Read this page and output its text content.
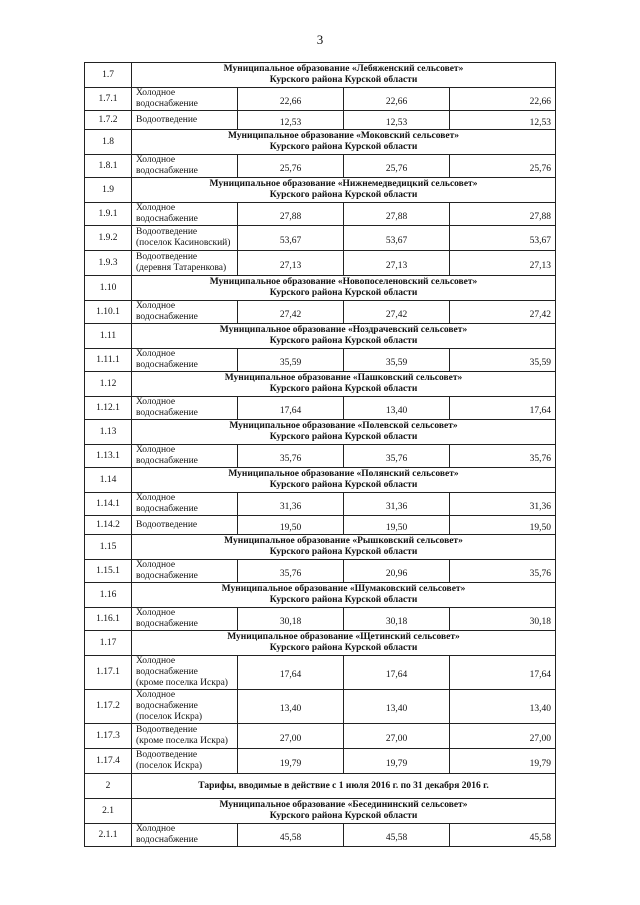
3
1.7	Муниципальное образование «Лебяженский сельсовет»
Курского района Курской области			

1.7.1	Холодное водоснабжение	22,66	22,66	22,66
1.7.2	Водоотведение	12,53	12,53	12,53
1.8	Муниципальное образование «Моковский сельсовет»
Курского района Курской области			

1.8.1	Холодное водоснабжение	25,76	25,76	25,76
1.9	Муниципальное образование «Нижнемедведицкий сельсовет»
Курского района Курской области			

1.9.1	Холодное водоснабжение	27,88	27,88	27,88
1.9.2	Водоотведение
(поселок Касиновский)	53,67	53,67	53,67
1.9.3	Водоотведение
(деревня Татаренкова)	27,13	27,13	27,13
1.10	Муниципальное образование «Новопоселеновский сельсовет»
Курского района Курской области			

1.10.1	Холодное водоснабжение	27,42	27,42	27,42
1.11	Муниципальное образование «Ноздрачевский сельсовет»
Курского района Курской области			

1.11.1	Холодное водоснабжение	35,59	35,59	35,59
1.12	Муниципальное образование «Пашковский сельсовет»
Курского района Курской области			

1.12.1	Холодное водоснабжение	17,64	13,40	17,64
1.13	Муниципальное образование «Полевской сельсовет»
Курского района Курской области			

1.13.1	Холодное водоснабжение	35,76	35,76	35,76
1.14	Муниципальное образование «Полянский сельсовет»
Курского района Курской области			

1.14.1	Холодное водоснабжение	31,36	31,36	31,36
1.14.2	Водоотведение	19,50	19,50	19,50
1.15	Муниципальное образование «Рышковский сельсовет»
Курского района Курской области			

1.15.1	Холодное водоснабжение	35,76	20,96	35,76
1.16	Муниципальное образование «Шумаковский сельсовет»
Курского района Курской области			

1.16.1	Холодное водоснабжение	30,18	30,18	30,18
1.17	Муниципальное образование «Щетинский сельсовет»
Курского района Курской области			

1.17.1	Холодное водоснабжение
(кроме поселка Искра)	17,64	17,64	17,64
1.17.2	Холодное водоснабжение
(поселок Искра)	13,40	13,40	13,40
1.17.3	Водоотведение
(кроме поселка Искра)	27,00	27,00	27,00
1.17.4	Водоотведение
(поселок Искра)	19,79	19,79	19,79
2	Тарифы, вводимые в действие с 1 июля 2016 г. по 31 декабря 2016 г.			

2.1	Муниципальное образование «Беседининский сельсовет»
Курского района Курской области			

2.1.1	Холодное водоснабжение	45,58	45,58	45,58
